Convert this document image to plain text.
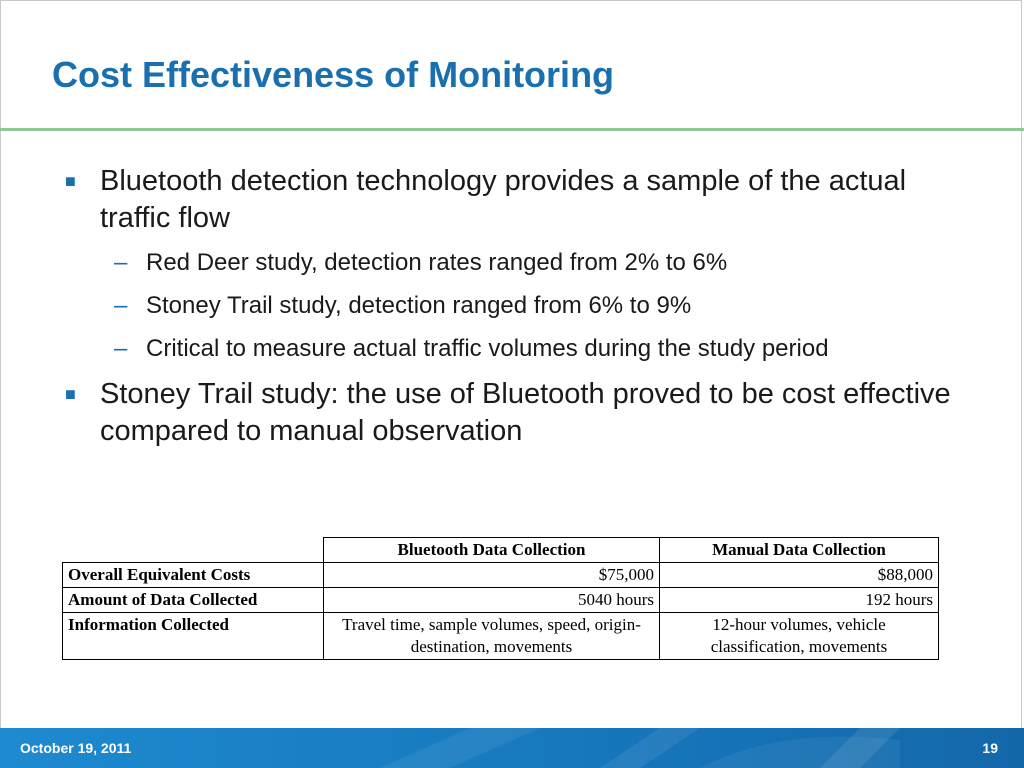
Cost Effectiveness of Monitoring
■ Bluetooth detection technology provides a sample of the actual traffic flow
– Red Deer study, detection rates ranged from 2% to 6%
– Stoney Trail study, detection ranged from 6% to 9%
– Critical to measure actual traffic volumes during the study period
■ Stoney Trail study: the use of Bluetooth proved to be cost effective compared to manual observation
	Bluetooth Data Collection	Manual Data Collection
Overall Equivalent Costs	$75,000	$88,000
Amount of Data Collected	5040 hours	192 hours
Information Collected	Travel time, sample volumes, speed, origin-destination, movements	12-hour volumes, vehicle classification, movements
October 19, 2011	19
